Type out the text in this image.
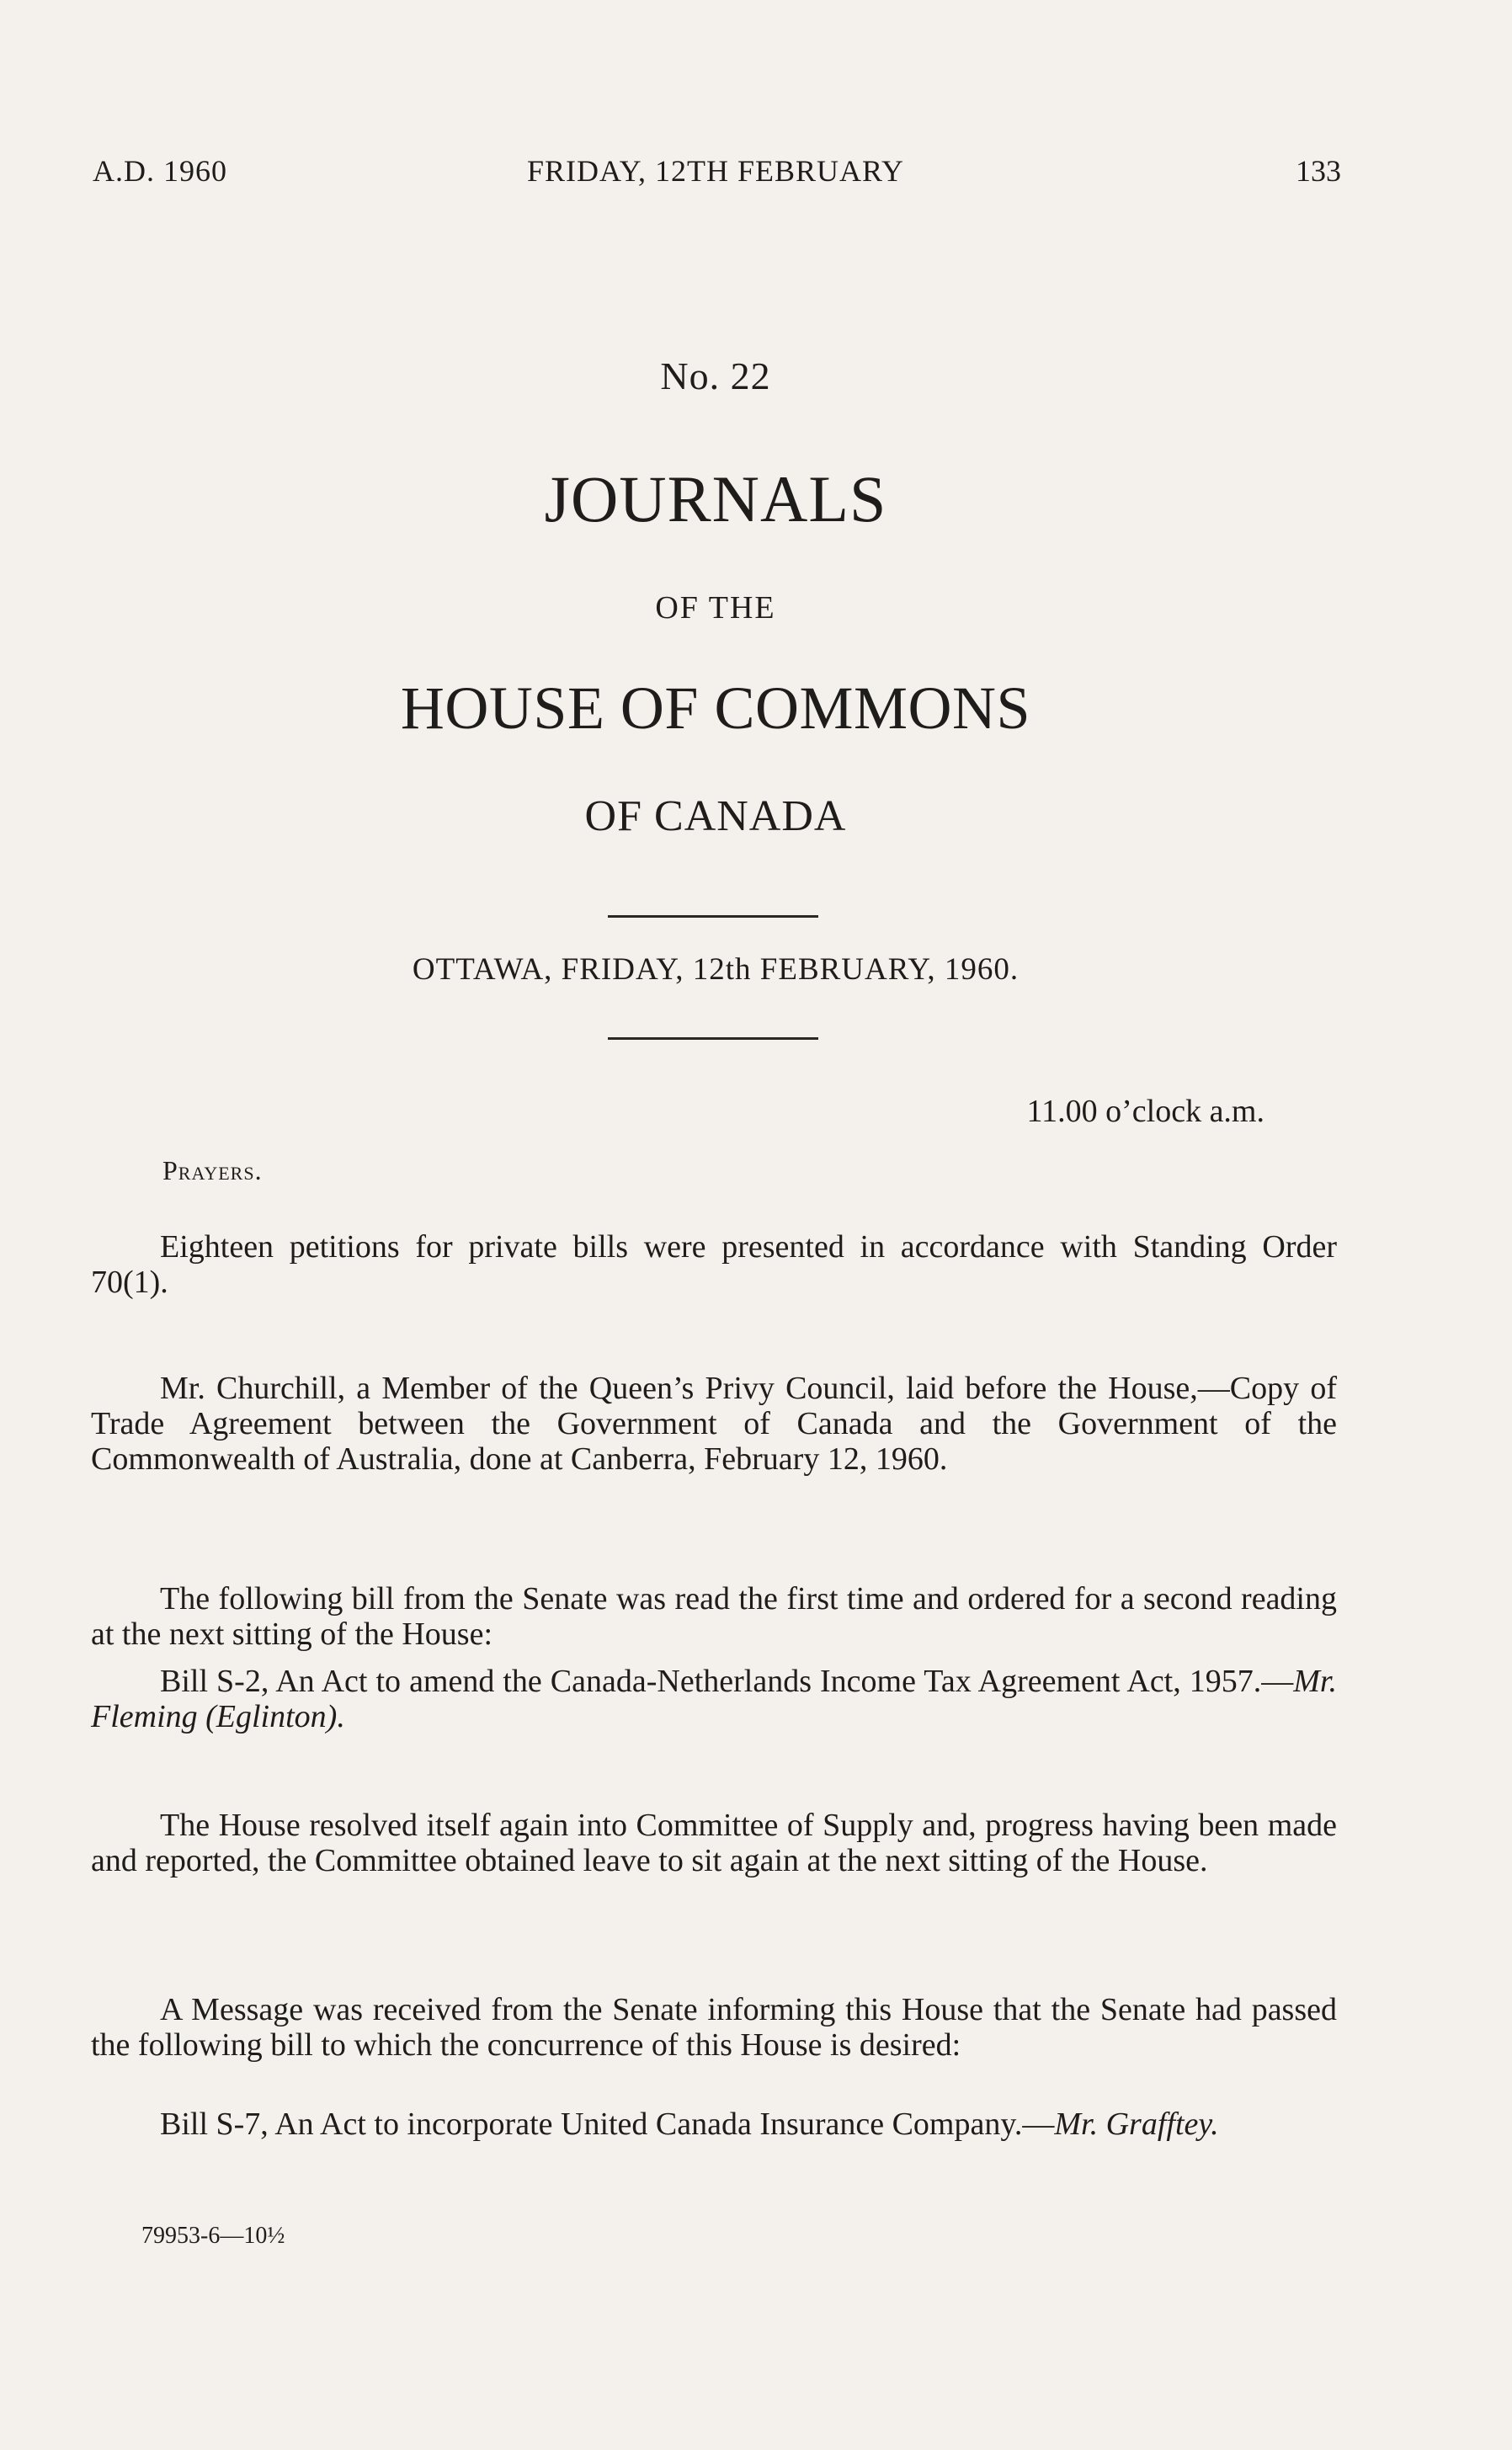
A.D. 1960	FRIDAY, 12TH FEBRUARY	133
No. 22
JOURNALS
OF THE
HOUSE OF COMMONS
OF CANADA
OTTAWA, FRIDAY, 12th FEBRUARY, 1960.
11.00 o’clock a.m.
Prayers.

Eighteen petitions for private bills were presented in accordance with Standing Order 70(1).

Mr. Churchill, a Member of the Queen’s Privy Council, laid before the House,—Copy of Trade Agreement between the Government of Canada and the Government of the Commonwealth of Australia, done at Canberra, February 12, 1960.

The following bill from the Senate was read the first time and ordered for a second reading at the next sitting of the House:

Bill S-2, An Act to amend the Canada-Netherlands Income Tax Agreement Act, 1957.—Mr. Fleming (Eglinton).

The House resolved itself again into Committee of Supply and, progress having been made and reported, the Committee obtained leave to sit again at the next sitting of the House.

A Message was received from the Senate informing this House that the Senate had passed the following bill to which the concurrence of this House is desired:

Bill S-7, An Act to incorporate United Canada Insurance Company.—Mr. Grafftey.

79953-6—10½
